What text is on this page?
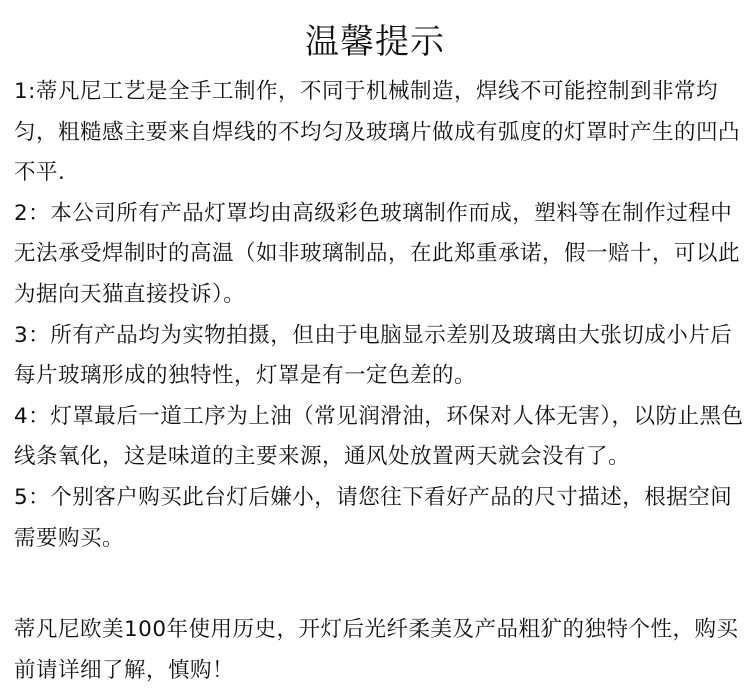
温馨提示
1:蒂凡尼工艺是全手工制作，不同于机械制造，焊线不可能控制到非常均匀，粗糙感主要来自焊线的不均匀及玻璃片做成有弧度的灯罩时产生的凹凸不平.
2：本公司所有产品灯罩均由高级彩色玻璃制作而成，塑料等在制作过程中无法承受焊制时的高温（如非玻璃制品，在此郑重承诺，假一赔十，可以此为据向天猫直接投诉）。
3：所有产品均为实物拍摄，但由于电脑显示差别及玻璃由大张切成小片后每片玻璃形成的独特性，灯罩是有一定色差的。
4：灯罩最后一道工序为上油（常见润滑油，环保对人体无害），以防止黑色线条氧化，这是味道的主要来源，通风处放置两天就会没有了。
5：个别客户购买此台灯后嫌小，请您往下看好产品的尺寸描述，根据空间需要购买。

蒂凡尼欧美100年使用历史，开灯后光纤柔美及产品粗犷的独特个性，购买前请详细了解，慎购！
